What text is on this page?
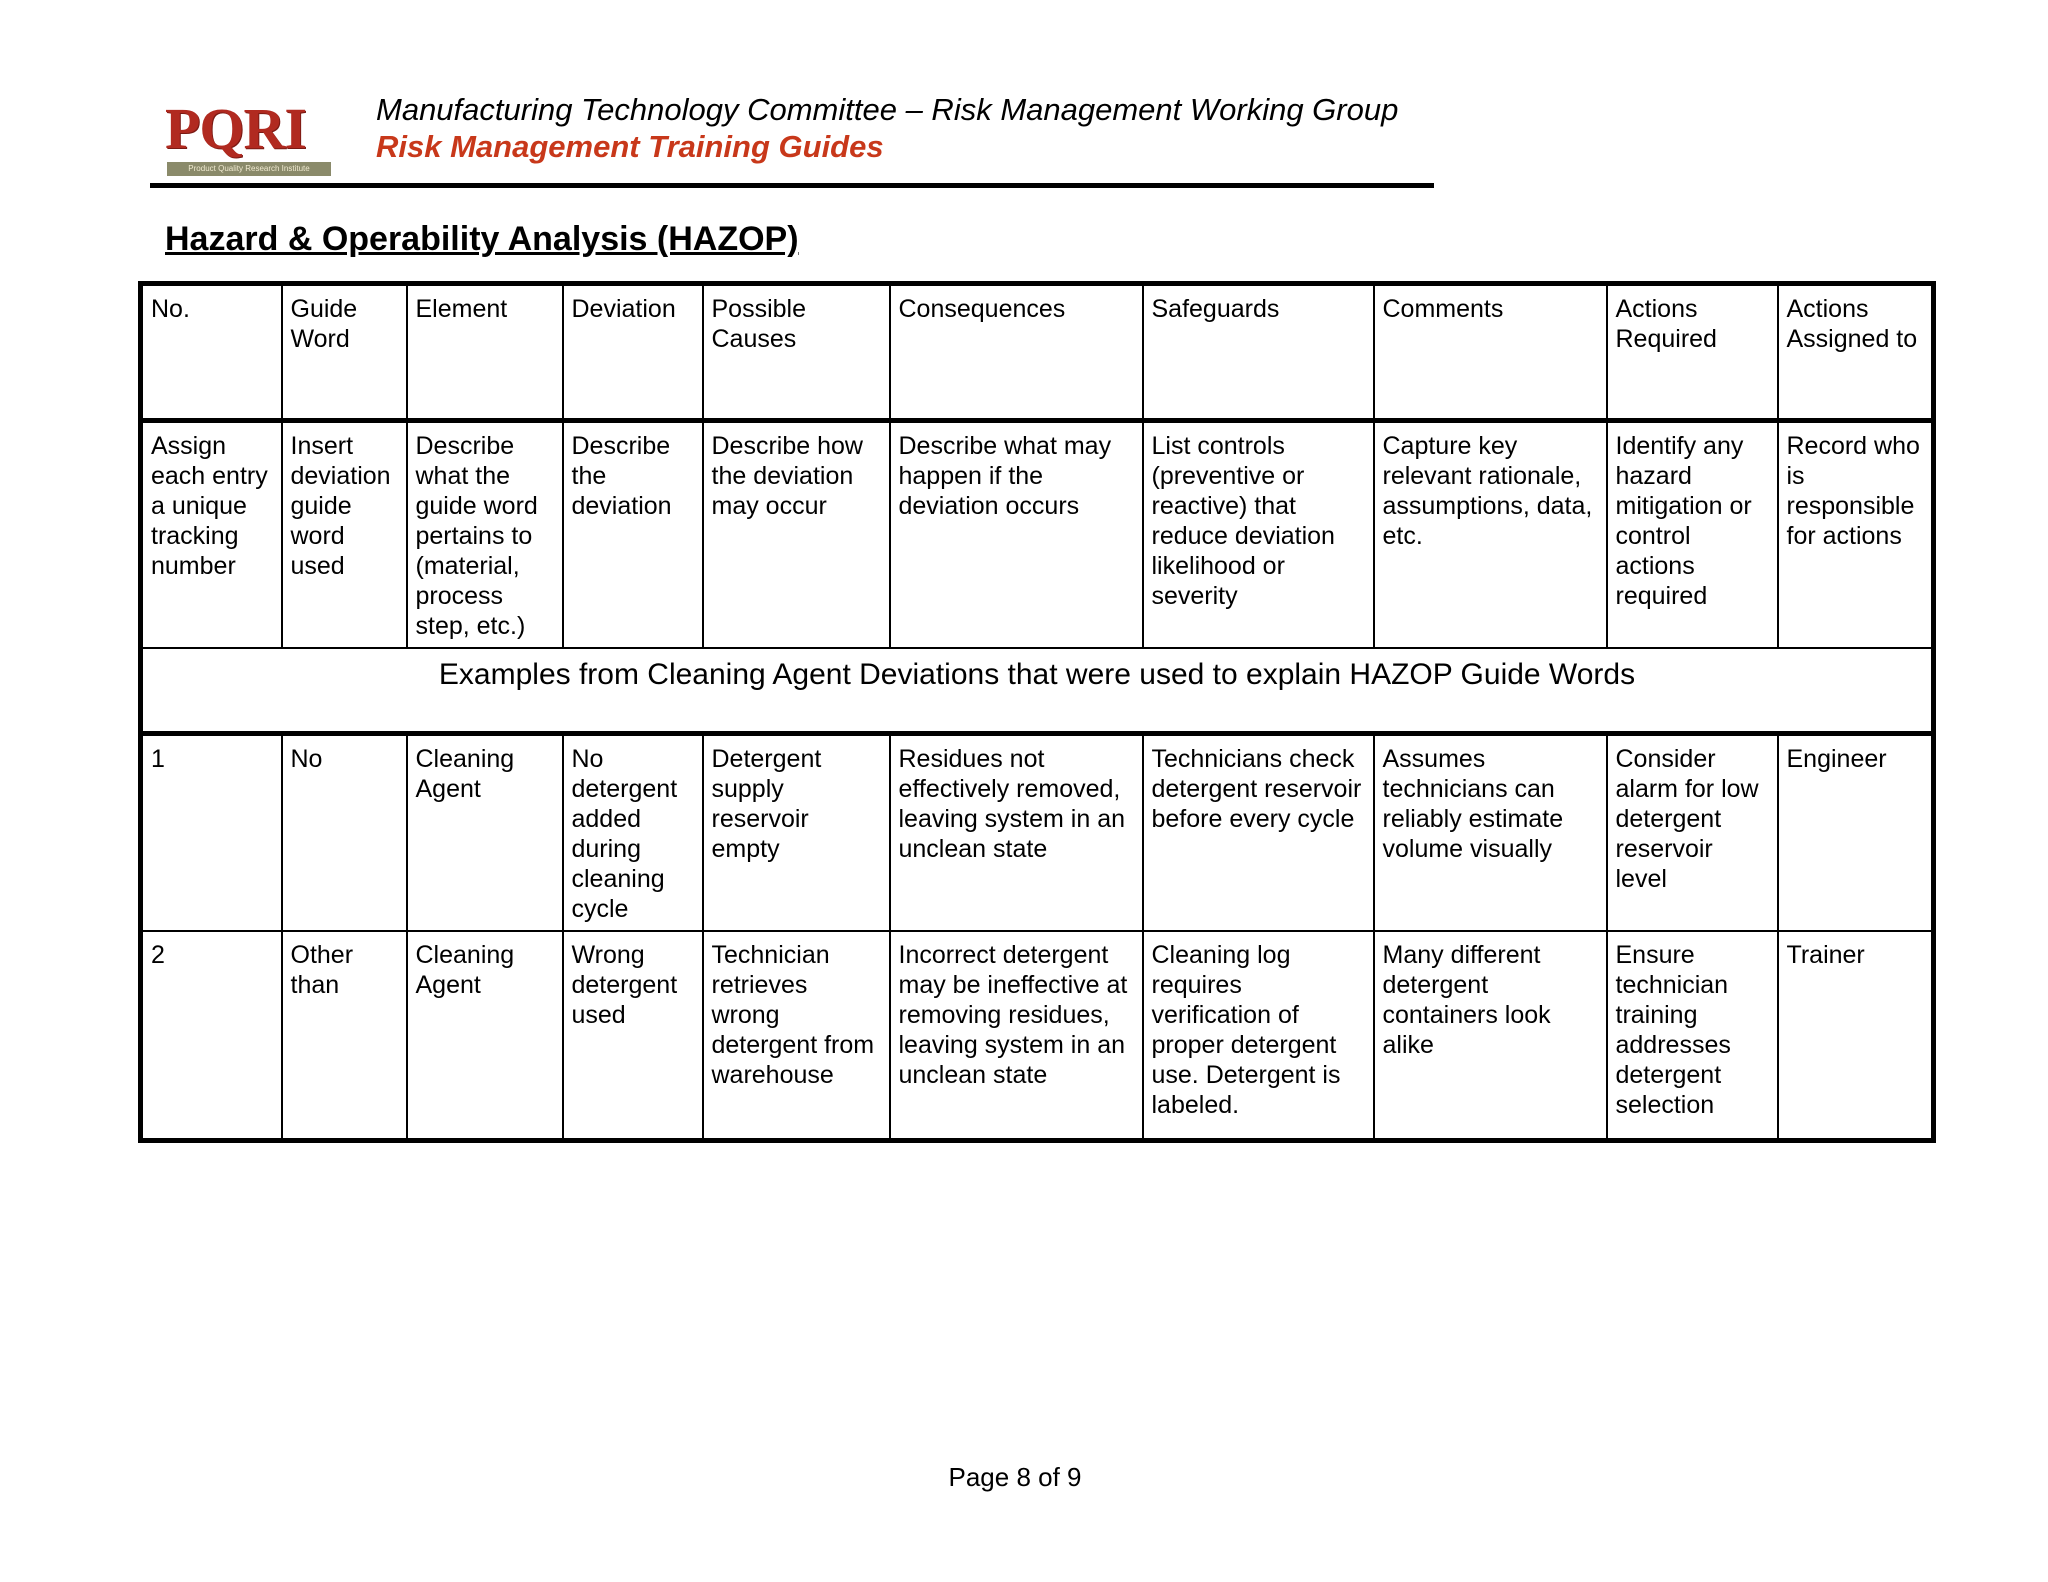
PQRI
Product Quality Research Institute
Manufacturing Technology Committee – Risk Management Working Group
Risk Management Training Guides
Hazard & Operability Analysis (HAZOP)
No.	Guide Word	Element	Deviation	Possible Causes	Consequences	Safeguards	Comments	Actions Required	Actions Assigned to
Assign each entry a unique tracking number	Insert deviation guide word used	Describe what the guide word pertains to (material, process step, etc.)	Describe the deviation	Describe how the deviation may occur	Describe what may happen if the deviation occurs	List controls (preventive or reactive) that reduce deviation likelihood or severity	Capture key relevant rationale, assumptions, data, etc.	Identify any hazard mitigation or control actions required	Record who is responsible for actions
Examples from Cleaning Agent Deviations that were used to explain HAZOP Guide Words									
1	No	Cleaning Agent	No detergent added during cleaning cycle	Detergent supply reservoir empty	Residues not effectively removed, leaving system in an unclean state	Technicians check detergent reservoir before every cycle	Assumes technicians can reliably estimate volume visually	Consider alarm for low detergent reservoir level	Engineer
2	Other than	Cleaning Agent	Wrong detergent used	Technician retrieves wrong detergent from warehouse	Incorrect detergent may be ineffective at removing residues, leaving system in an unclean state	Cleaning log requires verification of proper detergent use. Detergent is labeled.	Many different detergent containers look alike	Ensure technician training addresses detergent selection	Trainer
Page 8 of 9
